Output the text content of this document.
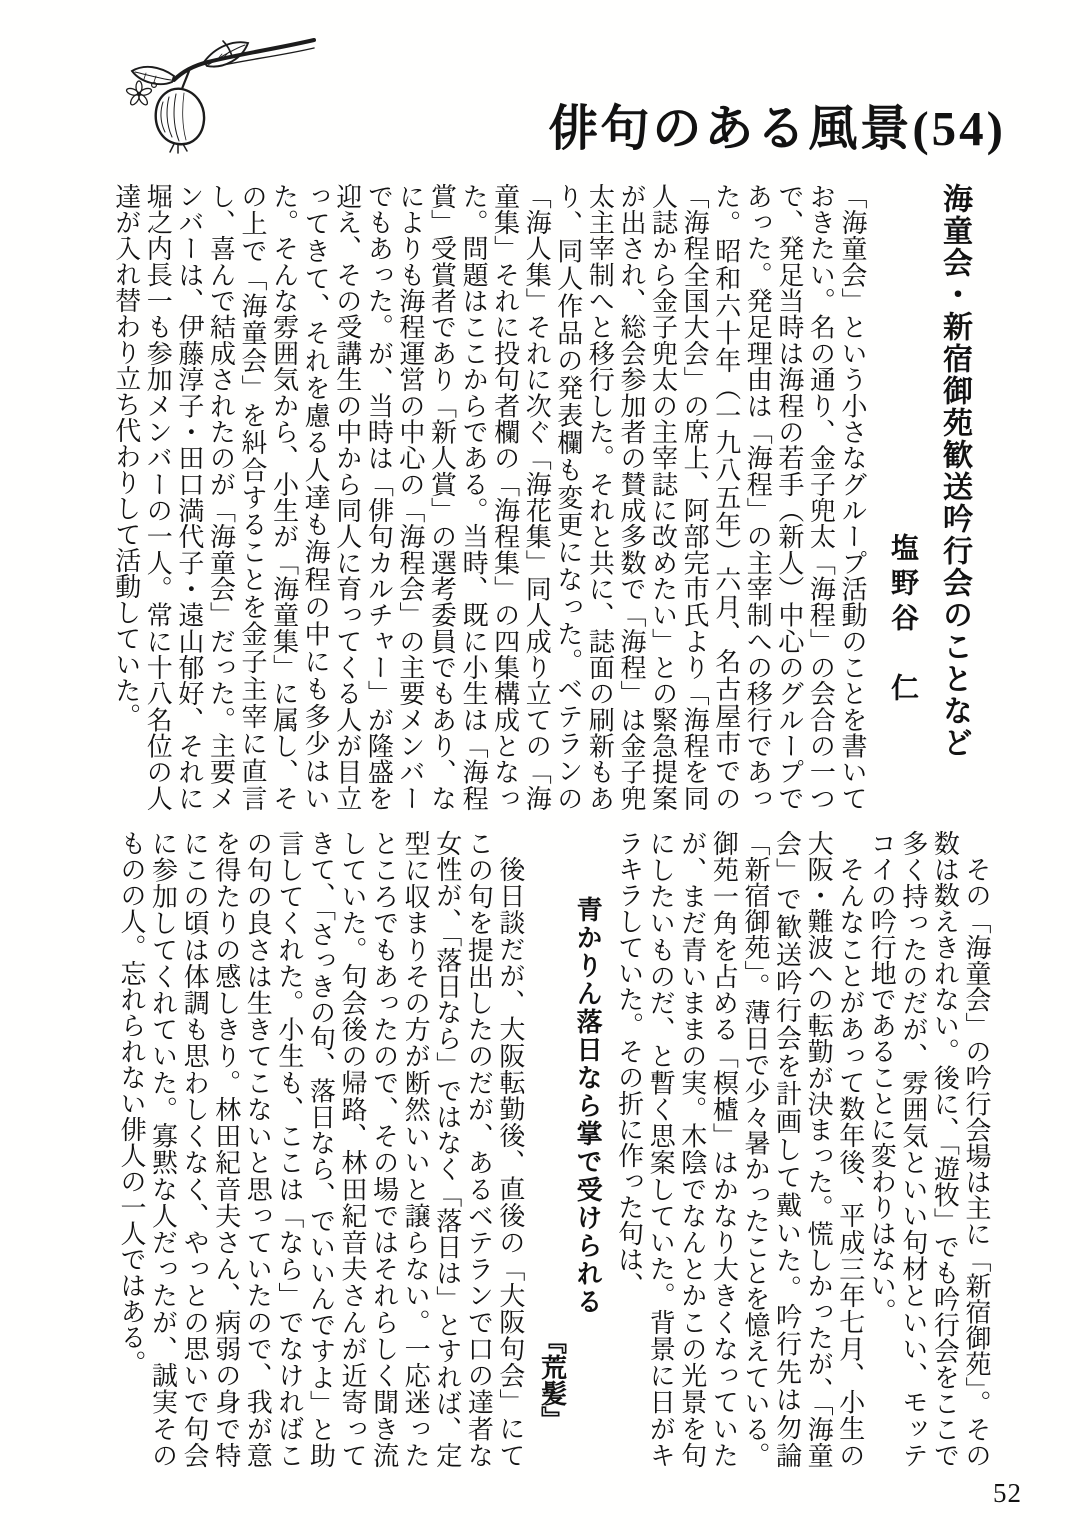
俳句のある風景(54)
海童会・新宿御苑歓送吟行会のことなど
塩野谷　仁

「海童会」という小さなグループ活動のことを書いておきたい。名の通り、金子兜太「海程」の会合の一つで、発足当時は海程の若手（新人）中心のグループであった。発足理由は「海程」の主宰制への移行であった。昭和六十年（一九八五年）六月、名古屋市での「海程全国大会」の席上、阿部完市氏より「海程を同人誌から金子兜太の主宰誌に改めたい」との緊急提案が出され、総会参加者の賛成多数で「海程」は金子兜太主宰制へと移行した。それと共に、誌面の刷新もあり、同人作品の発表欄も変更になった。ベテランの「海人集」それに次ぐ「海花集」同人成り立ての「海童集」それに投句者欄の「海程集」の四集構成となった。問題はここからである。当時、既に小生は「海程賞」受賞者であり「新人賞」の選考委員でもあり、なによりも海程運営の中心の「海程会」の主要メンバーでもあった。が、当時は「俳句カルチャー」が隆盛を迎え、その受講生の中から同人に育ってくる人が目立ってきて、それを慮る人達も海程の中にも多少はいた。そんな雰囲気から、小生が「海童集」に属し、その上で「海童会」を糾合することを金子主宰に直言し、喜んで結成されたのが「海童会」だった。主要メンバーは、伊藤淳子・田口満代子・遠山郁好、それに堀之内長一も参加メンバーの一人。常に十八名位の人達が入れ替わり立ち代わりして活動していた。

その「海童会」の吟行会場は主に「新宿御苑」。その数は数えきれない。後に、「遊牧」でも吟行会をここで多く持ったのだが、雰囲気といい句材といい、モッテコイの吟行地であることに変わりはない。

そんなことがあって数年後、平成三年七月、小生の大阪・難波への転勤が決まった。慌しかったが、「海童会」で歓送吟行会を計画して戴いた。吟行先は勿論「新宿御苑」。薄日で少々暑かったことを憶えている。御苑一角を占める「榠樝」はかなり大きくなっていたが、まだ青いままの実。木陰でなんとかこの光景を句にしたいものだ、と暫く思案していた。背景に日がキラキラしていた。その折に作った句は、

青かりん落日なら掌で受けられる
『荒髪』

後日談だが、大阪転勤後、直後の「大阪句会」にてこの句を提出したのだが、あるベテランで口の達者な女性が、「落日なら」ではなく「落日は」とすれば、定型に収まりその方が断然いいと譲らない。一応迷ったところでもあったので、その場ではそれらしく聞き流していた。句会後の帰路、林田紀音夫さんが近寄ってきて、「さっきの句、落日なら、でいいんですよ」と助言してくれた。小生も、ここは「なら」でなければこの句の良さは生きてこないと思っていたので、我が意を得たりの感しきり。林田紀音夫さん、病弱の身で特にこの頃は体調も思わしくなく、やっとの思いで句会に参加してくれていた。寡黙な人だったが、誠実そのものの人。忘れられない俳人の一人ではある。

52
